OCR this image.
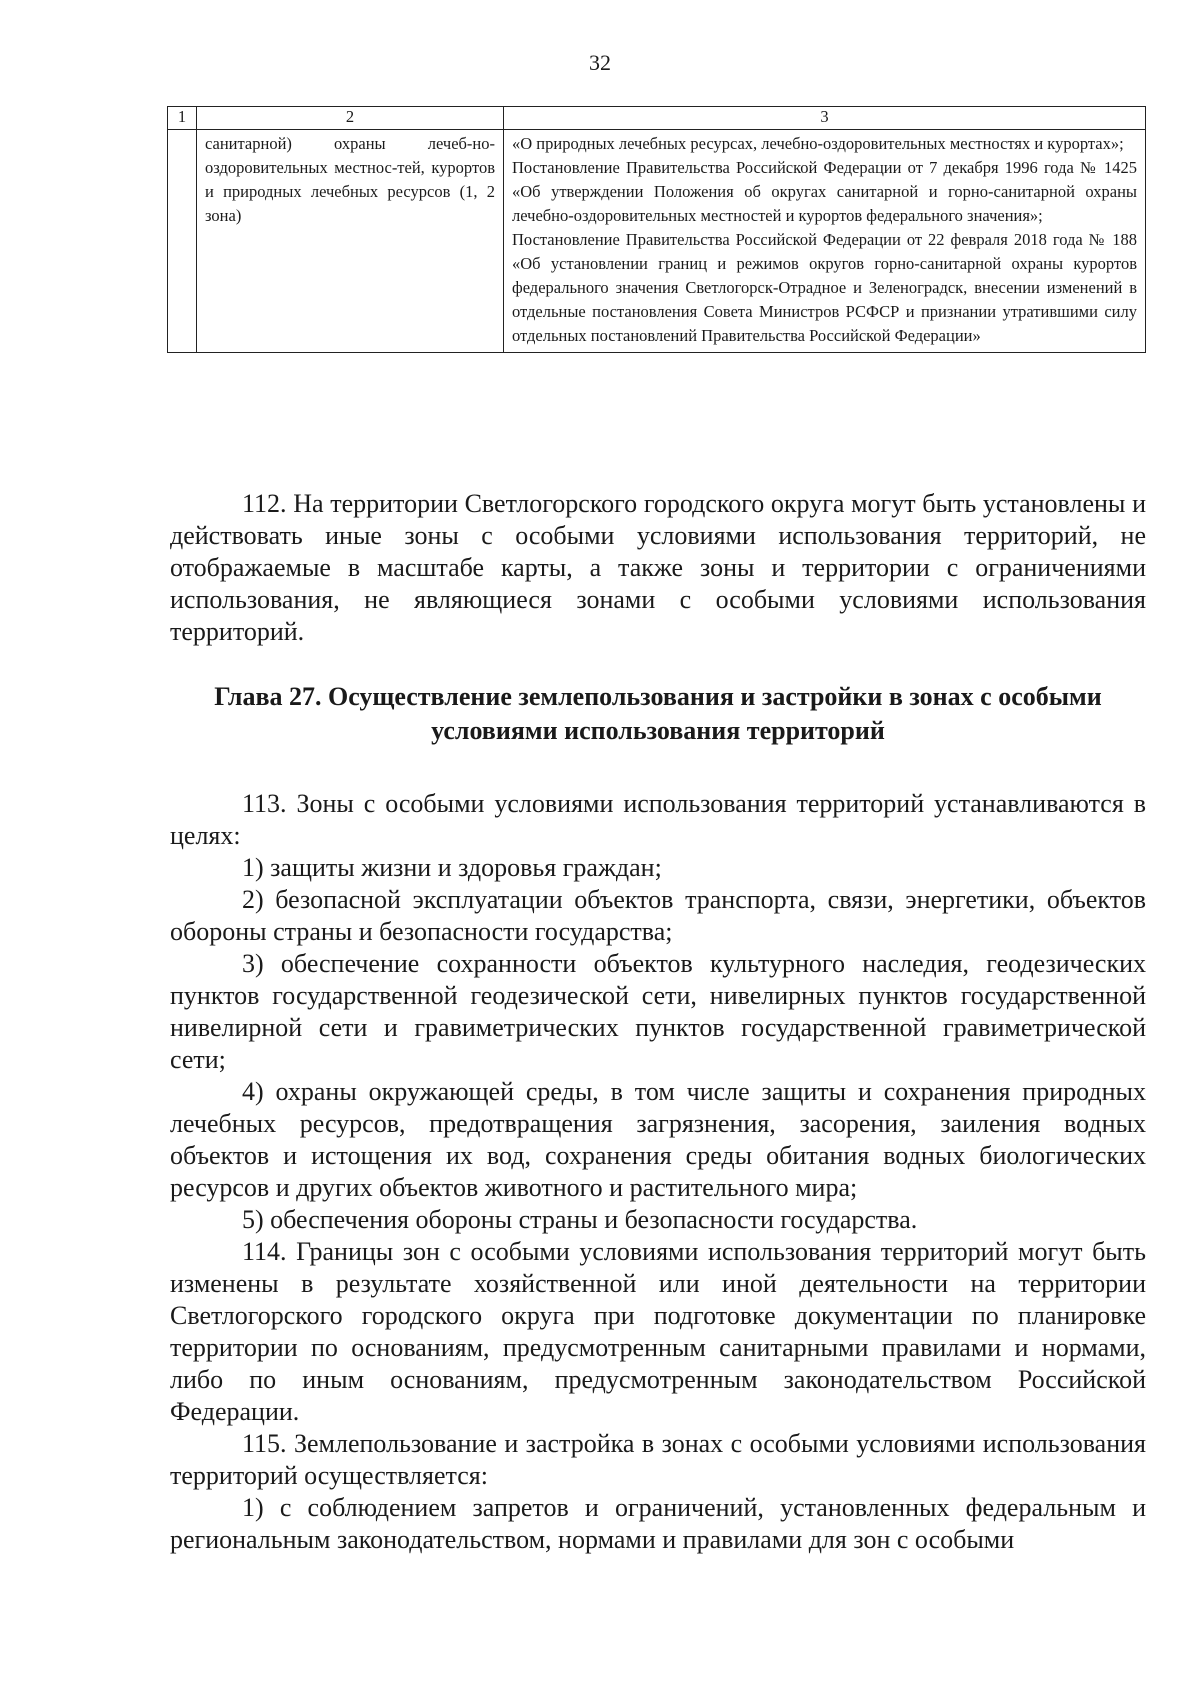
32
1	2	3
	санитарной) охраны лечеб-но-оздоровительных местнос-тей, курортов и природных лечебных ресурсов (1, 2 зона)	«О природных лечебных ресурсах, лечебно-оздоровительных местностях и курортах»;

Постановление Правительства Российской Федерации от 7 декабря 1996 года № 1425 «Об утверждении Положения об округах санитарной и горно-санитарной охраны лечебно-оздоровительных местностей и курортов федерального значения»;

Постановление Правительства Российской Федерации от 22 февраля 2018 года № 188 «Об установлении границ и режимов округов горно-санитарной охраны курортов федерального значения Светлогорск-Отрадное и Зеленоградск, внесении изменений в отдельные постановления Совета Министров РСФСР и признании утратившими силу отдельных постановлений Правительства Российской Федерации»

112. На территории Светлогорского городского округа могут быть установлены и действовать иные зоны с особыми условиями использования территорий, не отображаемые в масштабе карты, а также зоны и территории с ограничениями использования, не являющиеся зонами с особыми условиями использования территорий.

Глава 27. Осуществление землепользования и застройки в зонах с особыми условиями использования территорий

113. Зоны с особыми условиями использования территорий устанавливаются в целях:

1) защиты жизни и здоровья граждан;

2) безопасной эксплуатации объектов транспорта, связи, энергетики, объектов обороны страны и безопасности государства;

3) обеспечение сохранности объектов культурного наследия, геодезических пунктов государственной геодезической сети, нивелирных пунктов государственной нивелирной сети и гравиметрических пунктов государственной гравиметрической сети;

4) охраны окружающей среды, в том числе защиты и сохранения природных лечебных ресурсов, предотвращения загрязнения, засорения, заиления водных объектов и истощения их вод, сохранения среды обитания водных биологических ресурсов и других объектов животного и растительного мира;

5) обеспечения обороны страны и безопасности государства.

114. Границы зон с особыми условиями использования территорий могут быть изменены в результате хозяйственной или иной деятельности на территории Светлогорского городского округа при подготовке документации по планировке территории по основаниям, предусмотренным санитарными правилами и нормами, либо по иным основаниям, предусмотренным законодательством Российской Федерации.

115. Землепользование и застройка в зонах с особыми условиями использования территорий осуществляется:

1) с соблюдением запретов и ограничений, установленных федеральным и региональным законодательством, нормами и правилами для зон с особыми
